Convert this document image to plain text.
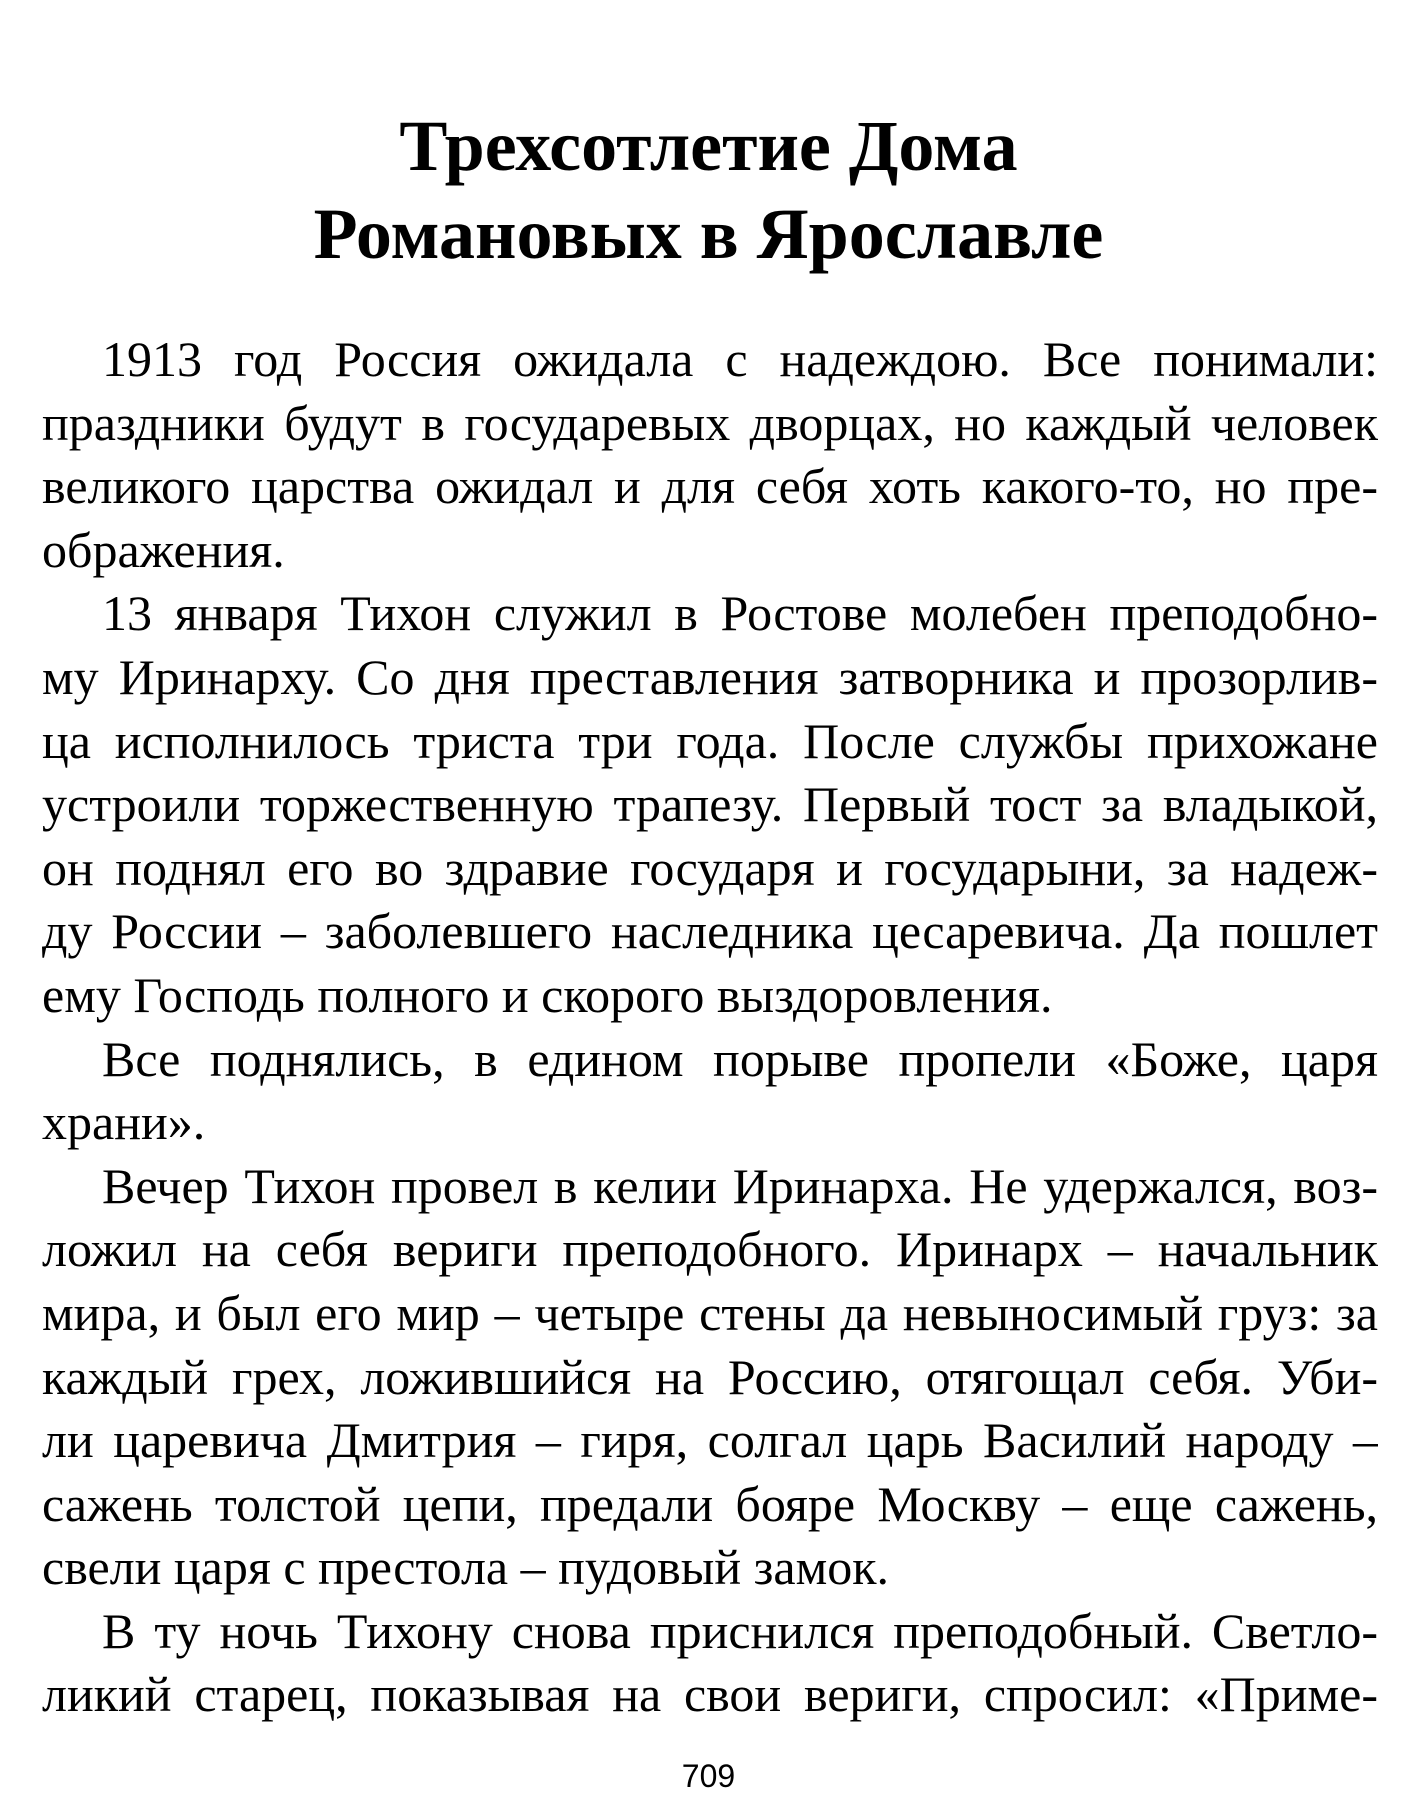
Трехсотлетие Дома
Романовых в Ярославле
1913 год Россия ожидала с надеждою. Все понимали:
праздники будут в государевых дворцах, но каждый человек
великого царства ожидал и для себя хоть какого-то, но пре-
ображения.
13 января Тихон служил в Ростове молебен преподобно-
му Иринарху. Со дня преставления затворника и прозорлив-
ца исполнилось триста три года. После службы прихожане
устроили торжественную трапезу. Первый тост за владыкой,
он поднял его во здравие государя и государыни, за надеж-
ду России – заболевшего наследника цесаревича. Да пошлет
ему Господь полного и скорого выздоровления.
Все поднялись, в едином порыве пропели «Боже, царя
храни».
Вечер Тихон провел в келии Иринарха. Не удержался, воз-
ложил на себя вериги преподобного. Иринарх – начальник
мира, и был его мир – четыре стены да невыносимый груз: за
каждый грех, ложившийся на Россию, отягощал себя. Уби-
ли царевича Дмитрия – гиря, солгал царь Василий народу –
сажень толстой цепи, предали бояре Москву – еще сажень,
свели царя с престола – пудовый замок.
В ту ночь Тихону снова приснился преподобный. Светло-
ликий старец, показывая на свои вериги, спросил: «Приме-
709
